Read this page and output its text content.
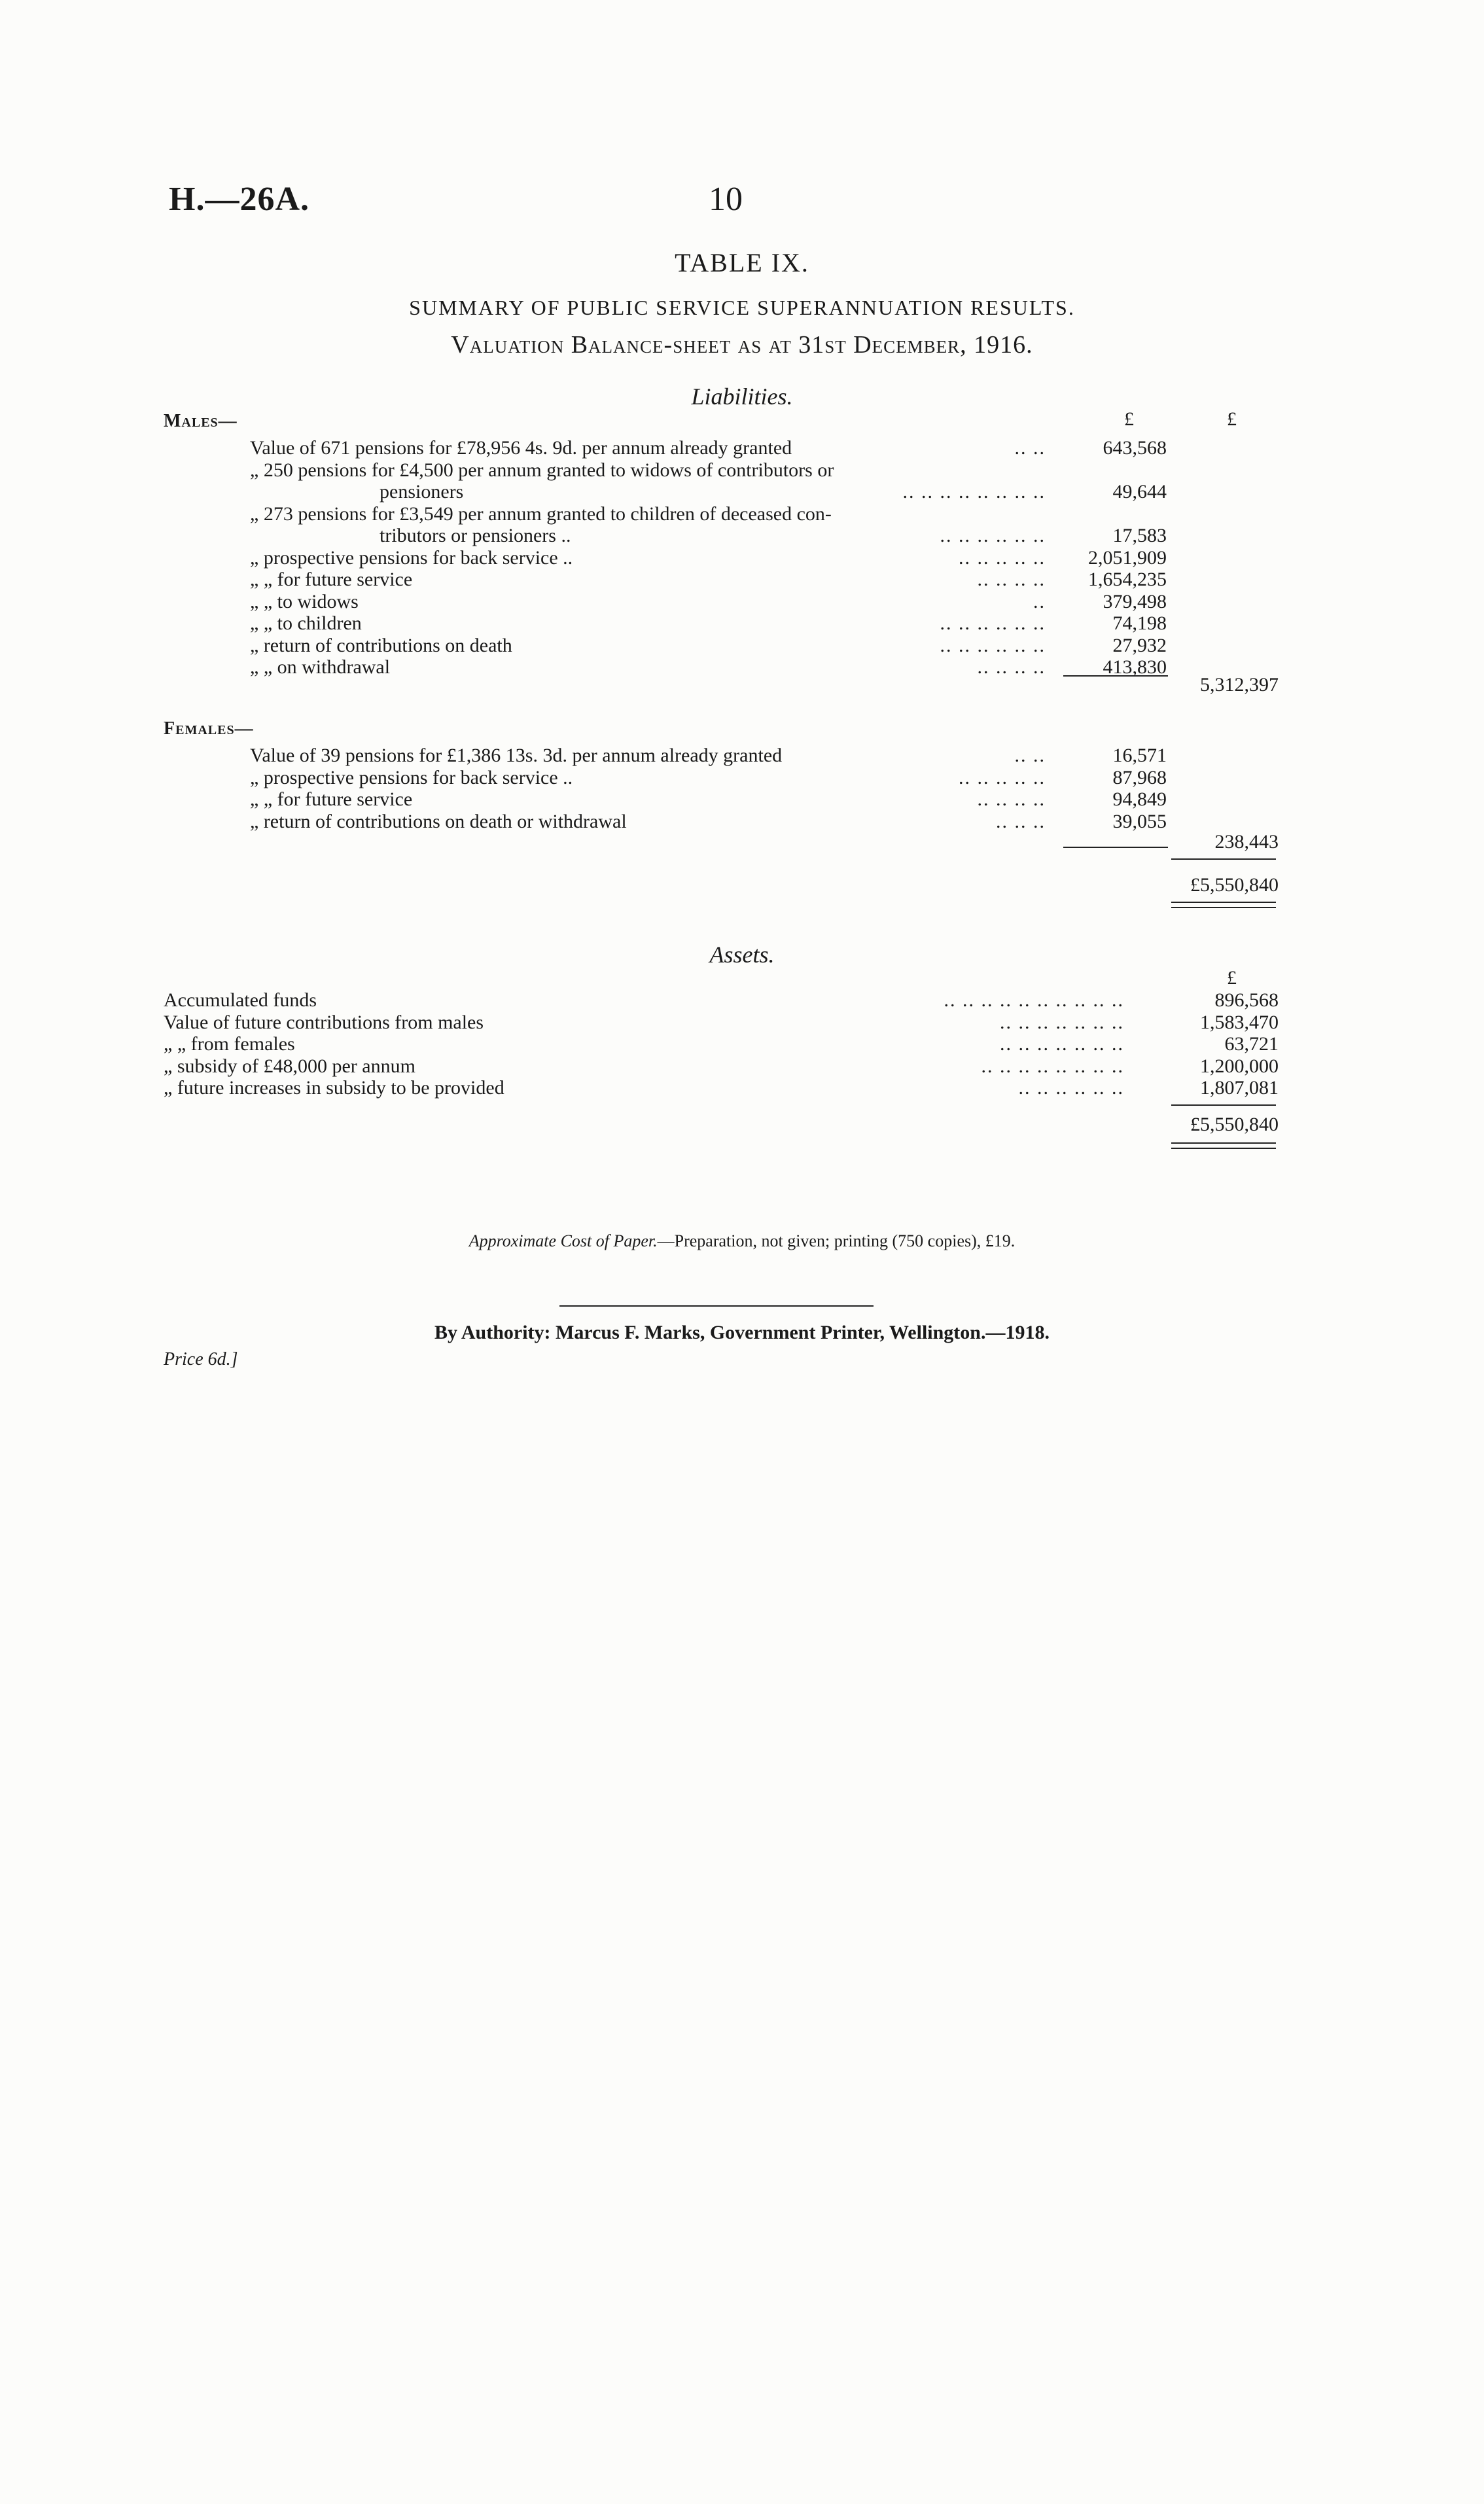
H.—26A.	10
TABLE IX.
SUMMARY OF PUBLIC SERVICE SUPERANNUATION RESULTS.
Valuation Balance-sheet as at 31st December, 1916.
Liabilities.
Males—	£	£
Value of 671 pensions for £78,956 4s. 9d. per annum already granted	.. ..	643,568
„ 250 pensions for £4,500 per annum granted to widows of contributors or
pensioners	.. .. .. .. .. .. .. ..	49,644
„ 273 pensions for £3,549 per annum granted to children of deceased con-
tributors or pensioners ..	.. .. .. .. .. ..	17,583
„ prospective pensions for back service ..	.. .. .. .. .. 2,051,909
„ „ for future service	.. .. .. .. 1,654,235
„ „ to widows	..	379,498
„ „ to children	.. .. .. .. .. ..	74,198
„ return of contributions on death	.. .. .. .. .. ..	27,932
„ „ on withdrawal	.. .. .. ..	413,830
5,312,397
Females—
Value of 39 pensions for £1,386 13s. 3d. per annum already granted	.. ..	16,571
„ prospective pensions for back service ..	.. .. .. .. ..	87,968
„ „ for future service	.. .. .. ..	94,849
„ return of contributions on death or withdrawal	.. .. ..	39,055
238,443
£5,550,840
Assets.
£
Accumulated funds	.. .. .. .. .. .. .. .. .. ..	896,568
Value of future contributions from males	.. .. .. .. .. .. ..	1,583,470
„ „ from females	.. .. .. .. .. .. ..	63,721
„ subsidy of £48,000 per annum	.. .. .. .. .. .. .. ..	1,200,000
„ future increases in subsidy to be provided	.. .. .. .. .. ..	1,807,081
£5,550,840
Approximate Cost of Paper.—Preparation, not given; printing (750 copies), £19.
By Authority: Marcus F. Marks, Government Printer, Wellington.—1918.
Price 6d.]
